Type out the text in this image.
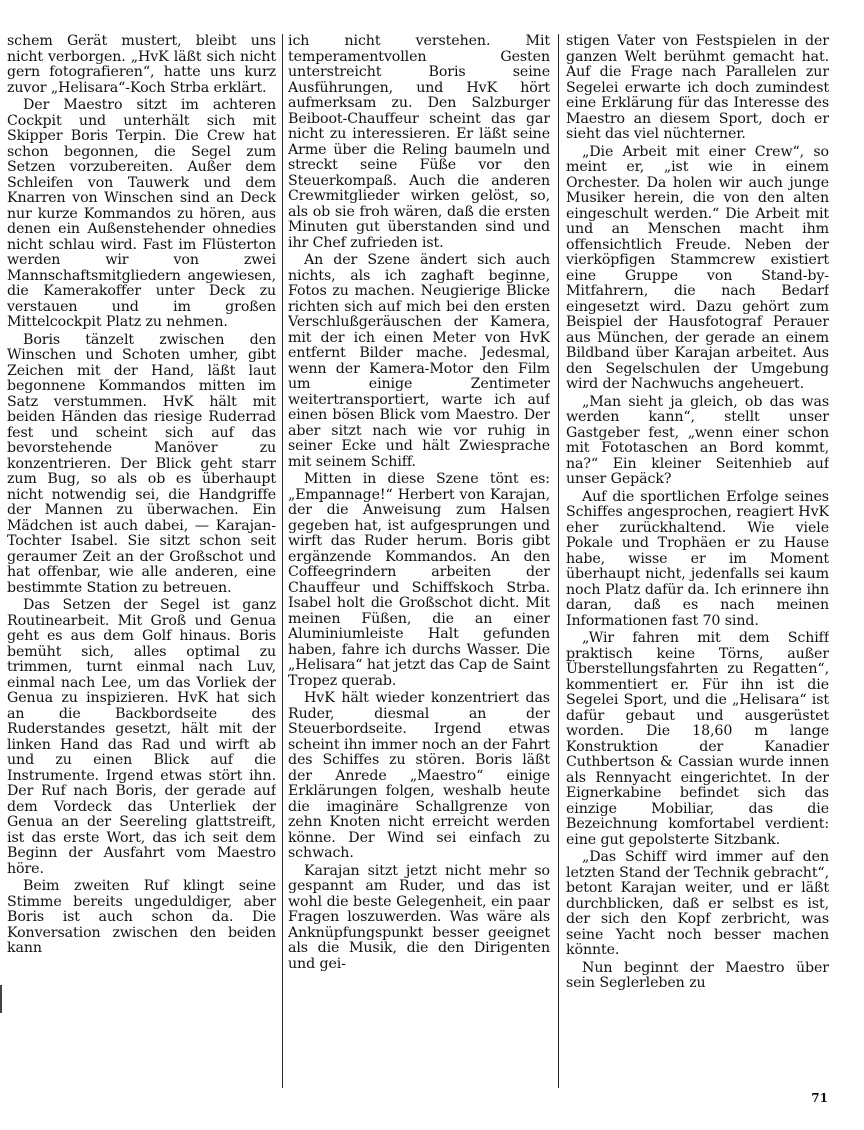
schem Gerät mustert, bleibt uns nicht verborgen. „HvK läßt sich nicht gern fotografieren“, hatte uns kurz zuvor „Helisara“-Koch Strba erklärt.

Der Maestro sitzt im achteren Cockpit und unterhält sich mit Skipper Boris Terpin. Die Crew hat schon begonnen, die Segel zum Setzen vorzubereiten. Außer dem Schleifen von Tauwerk und dem Knarren von Winschen sind an Deck nur kurze Kommandos zu hören, aus denen ein Außenstehender ohnedies nicht schlau wird. Fast im Flüsterton werden wir von zwei Mannschaftsmitgliedern angewiesen, die Kamerakoffer unter Deck zu verstauen und im großen Mittelcockpit Platz zu nehmen.

Boris tänzelt zwischen den Winschen und Schoten umher, gibt Zeichen mit der Hand, läßt laut begonnene Kommandos mitten im Satz verstummen. HvK hält mit beiden Händen das riesige Ruderrad fest und scheint sich auf das bevorstehende Manöver zu konzentrieren. Der Blick geht starr zum Bug, so als ob es überhaupt nicht notwendig sei, die Handgriffe der Mannen zu überwachen. Ein Mädchen ist auch dabei, — Karajan-Tochter Isabel. Sie sitzt schon seit geraumer Zeit an der Großschot und hat offenbar, wie alle anderen, eine bestimmte Station zu betreuen.

Das Setzen der Segel ist ganz Routinearbeit. Mit Groß und Genua geht es aus dem Golf hinaus. Boris bemüht sich, alles optimal zu trimmen, turnt einmal nach Luv, einmal nach Lee, um das Vorliek der Genua zu inspizieren. HvK hat sich an die Backbordseite des Ruderstandes gesetzt, hält mit der linken Hand das Rad und wirft ab und zu einen Blick auf die Instrumente. Irgend etwas stört ihn. Der Ruf nach Boris, der gerade auf dem Vordeck das Unterliek der Genua an der Seereling glattstreift, ist das erste Wort, das ich seit dem Beginn der Ausfahrt vom Maestro höre.

Beim zweiten Ruf klingt seine Stimme bereits ungeduldiger, aber Boris ist auch schon da. Die Konversation zwischen den beiden kann

ich nicht verstehen. Mit temperamentvollen Gesten unterstreicht Boris seine Ausführungen, und HvK hört aufmerksam zu. Den Salzburger Beiboot-Chauffeur scheint das gar nicht zu interessieren. Er läßt seine Arme über die Reling baumeln und streckt seine Füße vor den Steuerkompaß. Auch die anderen Crewmitglieder wirken gelöst, so, als ob sie froh wären, daß die ersten Minuten gut überstanden sind und ihr Chef zufrieden ist.

An der Szene ändert sich auch nichts, als ich zaghaft beginne, Fotos zu machen. Neugierige Blicke richten sich auf mich bei den ersten Verschlußgeräuschen der Kamera, mit der ich einen Meter von HvK entfernt Bilder mache. Jedesmal, wenn der Kamera-Motor den Film um einige Zentimeter weitertransportiert, warte ich auf einen bösen Blick vom Maestro. Der aber sitzt nach wie vor ruhig in seiner Ecke und hält Zwiesprache mit seinem Schiff.

Mitten in diese Szene tönt es: „Empannage!“ Herbert von Karajan, der die Anweisung zum Halsen gegeben hat, ist aufgesprungen und wirft das Ruder herum. Boris gibt ergänzende Kommandos. An den Coffeegrindern arbeiten der Chauffeur und Schiffskoch Strba. Isabel holt die Großschot dicht. Mit meinen Füßen, die an einer Aluminiumleiste Halt gefunden haben, fahre ich durchs Wasser. Die „Helisara“ hat jetzt das Cap de Saint Tropez querab.

HvK hält wieder konzentriert das Ruder, diesmal an der Steuerbordseite. Irgend etwas scheint ihn immer noch an der Fahrt des Schiffes zu stören. Boris läßt der Anrede „Maestro“ einige Erklärungen folgen, weshalb heute die imaginäre Schallgrenze von zehn Knoten nicht erreicht werden könne. Der Wind sei einfach zu schwach.

Karajan sitzt jetzt nicht mehr so gespannt am Ruder, und das ist wohl die beste Gelegenheit, ein paar Fragen loszuwerden. Was wäre als Anknüpfungspunkt besser geeignet als die Musik, die den Dirigenten und gei-

stigen Vater von Festspielen in der ganzen Welt berühmt gemacht hat. Auf die Frage nach Parallelen zur Segelei erwarte ich doch zumindest eine Erklärung für das Interesse des Maestro an diesem Sport, doch er sieht das viel nüchterner.

„Die Arbeit mit einer Crew“, so meint er, „ist wie in einem Orchester. Da holen wir auch junge Musiker herein, die von den alten eingeschult werden.“ Die Arbeit mit und an Menschen macht ihm offensichtlich Freude. Neben der vierköpfigen Stammcrew existiert eine Gruppe von Stand-by-Mitfahrern, die nach Bedarf eingesetzt wird. Dazu gehört zum Beispiel der Hausfotograf Perauer aus München, der gerade an einem Bildband über Karajan arbeitet. Aus den Segelschulen der Umgebung wird der Nachwuchs angeheuert.

„Man sieht ja gleich, ob das was werden kann“, stellt unser Gastgeber fest, „wenn einer schon mit Fototaschen an Bord kommt, na?“ Ein kleiner Seitenhieb auf unser Gepäck?

Auf die sportlichen Erfolge seines Schiffes angesprochen, reagiert HvK eher zurückhaltend. Wie viele Pokale und Trophäen er zu Hause habe, wisse er im Moment überhaupt nicht, jedenfalls sei kaum noch Platz dafür da. Ich erinnere ihn daran, daß es nach meinen Informationen fast 70 sind.

„Wir fahren mit dem Schiff praktisch keine Törns, außer Überstellungsfahrten zu Regatten“, kommentiert er. Für ihn ist die Segelei Sport, und die „Helisara“ ist dafür gebaut und ausgerüstet worden. Die 18,60 m lange Konstruktion der Kanadier Cuthbertson & Cassian wurde innen als Rennyacht eingerichtet. In der Eignerkabine befindet sich das einzige Mobiliar, das die Bezeichnung komfortabel verdient: eine gut gepolsterte Sitzbank.

„Das Schiff wird immer auf den letzten Stand der Technik gebracht“, betont Karajan weiter, und er läßt durchblicken, daß er selbst es ist, der sich den Kopf zerbricht, was seine Yacht noch besser machen könnte.

Nun beginnt der Maestro über sein Seglerleben zu

71
